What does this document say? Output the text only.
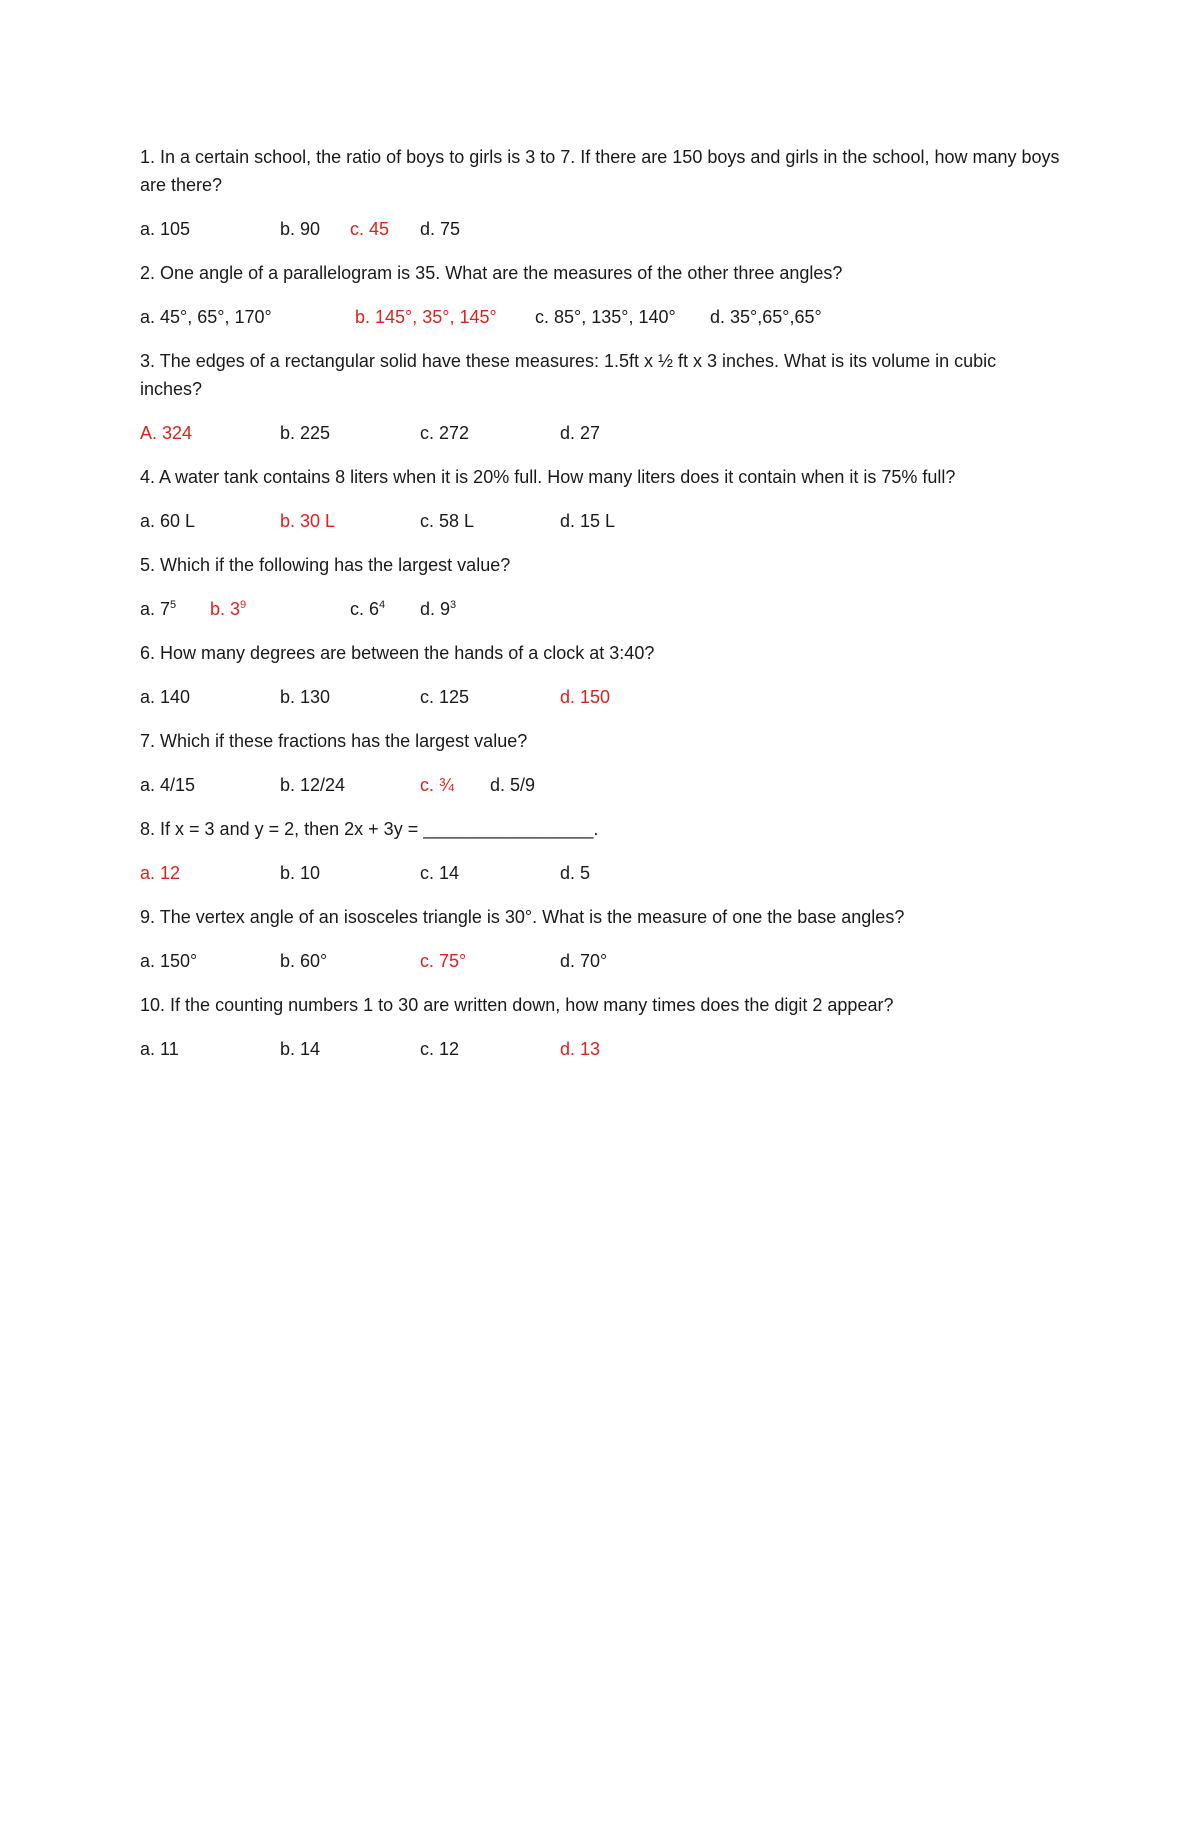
1. In a certain school, the ratio of boys to girls is 3 to 7. If there are 150 boys and girls in the school, how many boys are there?
a. 105	b. 90	c. 45	d. 75
2. One angle of a parallelogram is 35. What are the measures of the other three angles?
a. 45°, 65°, 170°	b. 145°, 35°, 145°	c. 85°, 135°, 140°	d. 35°,65°,65°
3. The edges of a rectangular solid have these measures: 1.5ft x ½ ft x 3 inches. What is its volume in cubic inches?
A. 324	b. 225	c. 272	d. 27
4. A water tank contains 8 liters when it is 20% full. How many liters does it contain when it is 75% full?
a. 60 L	b. 30 L	c. 58 L	d. 15 L
5. Which if the following has the largest value?
a. $7^5$	b. $3^9$	c. $6^4$	d. $9^3$
6. How many degrees are between the hands of a clock at 3:40?
a. 140	b. 130	c. 125	d. 150
7. Which if these fractions has the largest value?
a. 4/15	b. 12/24	c. ¾	d. 5/9
8. If x = 3 and y = 2, then 2x + 3y = _________________.
a. 12	b. 10	c. 14	d. 5
9. The vertex angle of an isosceles triangle is 30°. What is the measure of one the base angles?
a. 150°	b. 60°	c. 75°	d. 70°
10. If the counting numbers 1 to 30 are written down, how many times does the digit 2 appear?
a. 11	b. 14	c. 12	d. 13
